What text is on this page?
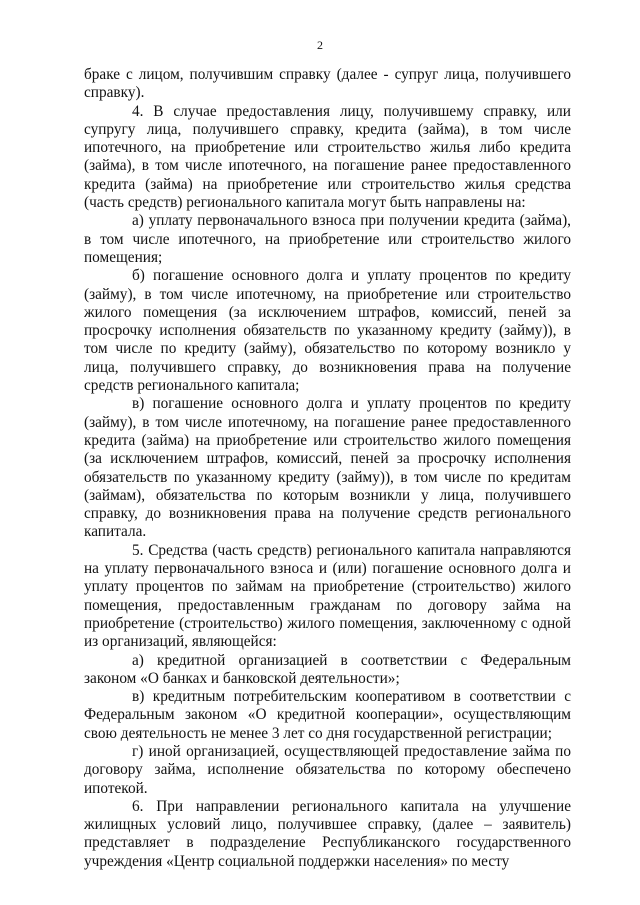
2

браке с лицом, получившим справку (далее - супруг лица, получившего справку).

4. В случае предоставления лицу, получившему справку, или супругу лица, получившего справку, кредита (займа), в том числе ипотечного, на приобретение или строительство жилья либо кредита (займа), в том числе ипотечного, на погашение ранее предоставленного кредита (займа) на приобретение или строительство жилья средства (часть средств) регионального капитала могут быть направлены на:

а) уплату первоначального взноса при получении кредита (займа), в том числе ипотечного, на приобретение или строительство жилого помещения;

б) погашение основного долга и уплату процентов по кредиту (займу), в том числе ипотечному, на приобретение или строительство жилого помещения (за исключением штрафов, комиссий, пеней за просрочку исполнения обязательств по указанному кредиту (займу)), в том числе по кредиту (займу), обязательство по которому возникло у лица, получившего справку, до возникновения права на получение средств регионального капитала;

в) погашение основного долга и уплату процентов по кредиту (займу), в том числе ипотечному, на погашение ранее предоставленного кредита (займа) на приобретение или строительство жилого помещения (за исключением штрафов, комиссий, пеней за просрочку исполнения обязательств по указанному кредиту (займу)), в том числе по кредитам (займам), обязательства по которым возникли у лица, получившего справку, до возникновения права на получение средств регионального капитала.

5. Средства (часть средств) регионального капитала направляются на уплату первоначального взноса и (или) погашение основного долга и уплату процентов по займам на приобретение (строительство) жилого помещения, предоставленным гражданам по договору займа на приобретение (строительство) жилого помещения, заключенному с одной из организаций, являющейся:

а) кредитной организацией в соответствии с Федеральным законом «О банках и банковской деятельности»;

в) кредитным потребительским кооперативом в соответствии с Федеральным законом «О кредитной кооперации», осуществляющим свою деятельность не менее 3 лет со дня государственной регистрации;

г) иной организацией, осуществляющей предоставление займа по договору займа, исполнение обязательства по которому обеспечено ипотекой.

6. При направлении регионального капитала на улучшение жилищных условий лицо, получившее справку, (далее – заявитель) представляет в подразделение Республиканского государственного учреждения «Центр социальной поддержки населения» по месту
